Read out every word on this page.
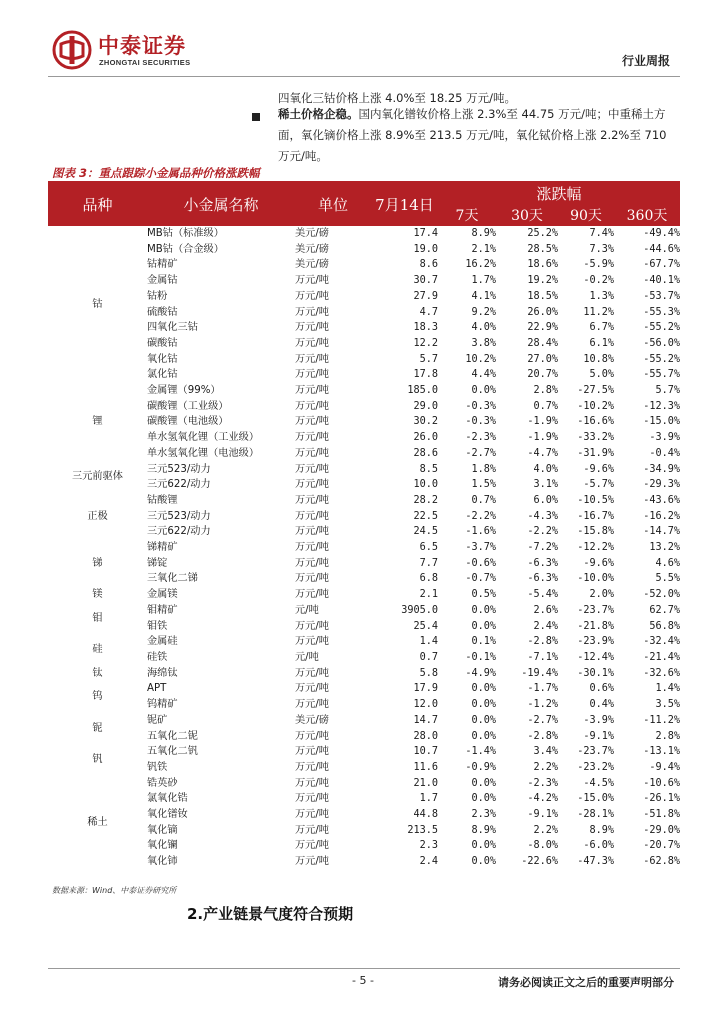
中泰证券
ZHONGTAI SECURITIES	行业周报
四氧化三钴价格上涨 4.0%至 18.25 万元/吨。
稀土价格企稳。国内氧化镨钕价格上涨 2.3%至 44.75 万元/吨；中重稀土方面，氧化镝价格上涨 8.9%至 213.5 万元/吨，氧化铽价格上涨 2.2%至 710 万元/吨。
图表 3：重点跟踪小金属品种价格涨跌幅
品种	小金属名称	单位	7月14日	涨跌幅			
				7天	30天	90天	360天
钴	MB钴（标准级）	美元/磅	17.4	8.9%	25.2%	7.4%	-49.4%
	MB钴（合金级）	美元/磅	19.0	2.1%	28.5%	7.3%	-44.6%
	钴精矿	美元/磅	8.6	16.2%	18.6%	-5.9%	-67.7%
	金属钴	万元/吨	30.7	1.7%	19.2%	-0.2%	-40.1%
	钴粉	万元/吨	27.9	4.1%	18.5%	1.3%	-53.7%
	硫酸钴	万元/吨	4.7	9.2%	26.0%	11.2%	-55.3%
	四氧化三钴	万元/吨	18.3	4.0%	22.9%	6.7%	-55.2%
	碳酸钴	万元/吨	12.2	3.8%	28.4%	6.1%	-56.0%
	氧化钴	万元/吨	5.7	10.2%	27.0%	10.8%	-55.2%
	氯化钴	万元/吨	17.8	4.4%	20.7%	5.0%	-55.7%
锂	金属锂（99%）	万元/吨	185.0	0.0%	2.8%	-27.5%	5.7%
	碳酸锂（工业级）	万元/吨	29.0	-0.3%	0.7%	-10.2%	-12.3%
	碳酸锂（电池级）	万元/吨	30.2	-0.3%	-1.9%	-16.6%	-15.0%
	单水氢氧化锂（工业级）	万元/吨	26.0	-2.3%	-1.9%	-33.2%	-3.9%
	单水氢氧化锂（电池级）	万元/吨	28.6	-2.7%	-4.7%	-31.9%	-0.4%
三元前驱体	三元523/动力	万元/吨	8.5	1.8%	4.0%	-9.6%	-34.9%
	三元622/动力	万元/吨	10.0	1.5%	3.1%	-5.7%	-29.3%
正极	钴酸锂	万元/吨	28.2	0.7%	6.0%	-10.5%	-43.6%
	三元523/动力	万元/吨	22.5	-2.2%	-4.3%	-16.7%	-16.2%
	三元622/动力	万元/吨	24.5	-1.6%	-2.2%	-15.8%	-14.7%
锑	锑精矿	万元/吨	6.5	-3.7%	-7.2%	-12.2%	13.2%
	锑锭	万元/吨	7.7	-0.6%	-6.3%	-9.6%	4.6%
	三氧化二锑	万元/吨	6.8	-0.7%	-6.3%	-10.0%	5.5%
镁	金属镁	万元/吨	2.1	0.5%	-5.4%	2.0%	-52.0%
钼	钼精矿	元/吨	3905.0	0.0%	2.6%	-23.7%	62.7%
	钼铁	万元/吨	25.4	0.0%	2.4%	-21.8%	56.8%
硅	金属硅	万元/吨	1.4	0.1%	-2.8%	-23.9%	-32.4%
	硅铁	元/吨	0.7	-0.1%	-7.1%	-12.4%	-21.4%
钛	海绵钛	万元/吨	5.8	-4.9%	-19.4%	-30.1%	-32.6%
钨	APT	万元/吨	17.9	0.0%	-1.7%	0.6%	1.4%
	钨精矿	万元/吨	12.0	0.0%	-1.2%	0.4%	3.5%
铌	铌矿	美元/磅	14.7	0.0%	-2.7%	-3.9%	-11.2%
	五氧化二铌	万元/吨	28.0	0.0%	-2.8%	-9.1%	2.8%
钒	五氧化二钒	万元/吨	10.7	-1.4%	3.4%	-23.7%	-13.1%
	钒铁	万元/吨	11.6	-0.9%	2.2%	-23.2%	-9.4%
稀土	锆英砂	万元/吨	21.0	0.0%	-2.3%	-4.5%	-10.6%
	氯氧化锆	万元/吨	1.7	0.0%	-4.2%	-15.0%	-26.1%
	氧化镨钕	万元/吨	44.8	2.3%	-9.1%	-28.1%	-51.8%
	氧化镝	万元/吨	213.5	8.9%	2.2%	8.9%	-29.0%
	氧化镧	万元/吨	2.3	0.0%	-8.0%	-6.0%	-20.7%
	氧化铈	万元/吨	2.4	0.0%	-22.6%	-47.3%	-62.8%
数据来源：Wind、中泰证券研究所
2.产业链景气度符合预期
- 5 -	请务必阅读正文之后的重要声明部分
